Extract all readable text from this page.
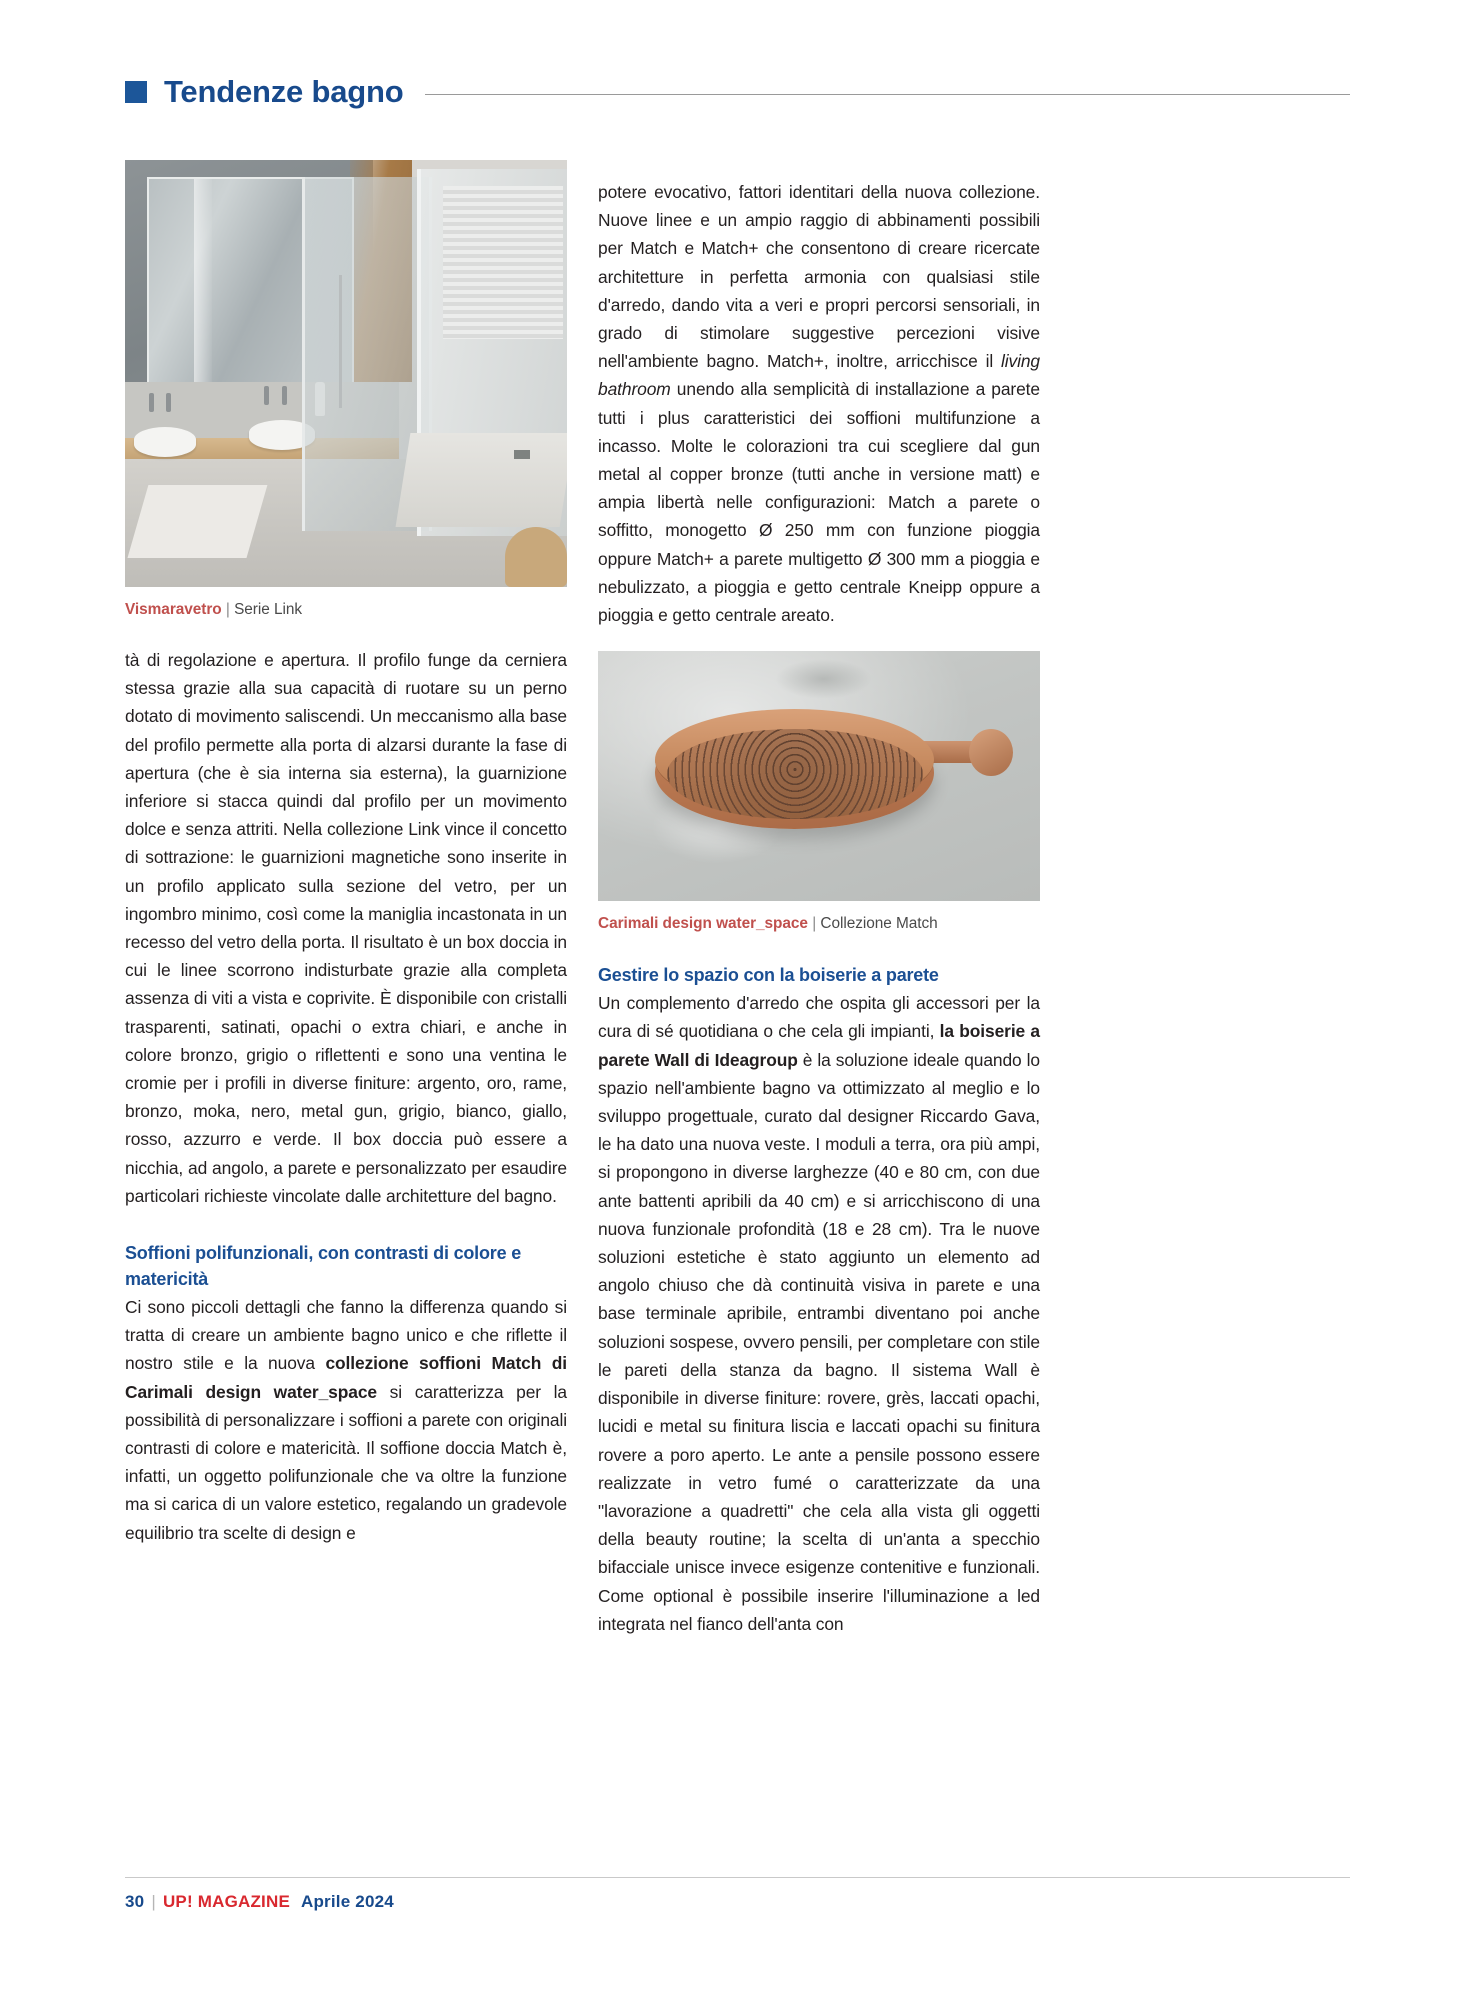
Tendenze bagno
Vismaravetro | Serie Link

tà di regolazione e apertura. Il profilo funge da cerniera stessa grazie alla sua capacità di ruotare su un perno dotato di movimento saliscendi. Un meccanismo alla base del profilo permette alla porta di alzarsi durante la fase di apertura (che è sia interna sia esterna), la guarnizione inferiore si stacca quindi dal profilo per un movimento dolce e senza attriti. Nella collezione Link vince il concetto di sottrazione: le guarnizioni magnetiche sono inserite in un profilo applicato sulla sezione del vetro, per un ingombro minimo, così come la maniglia incastonata in un recesso del vetro della porta. Il risultato è un box doccia in cui le linee scorrono indisturbate grazie alla completa assenza di viti a vista e coprivite. È disponibile con cristalli trasparenti, satinati, opachi o extra chiari, e anche in colore bronzo, grigio o riflettenti e sono una ventina le cromie per i profili in diverse finiture: argento, oro, rame, bronzo, moka, nero, metal gun, grigio, bianco, giallo, rosso, azzurro e verde. Il box doccia può essere a nicchia, ad angolo, a parete e personalizzato per esaudire particolari richieste vincolate dalle architetture del bagno.

Soffioni polifunzionali, con contrasti di colore e matericità

Ci sono piccoli dettagli che fanno la differenza quando si tratta di creare un ambiente bagno unico e che riflette il nostro stile e la nuova collezione soffioni Match di Carimali design water_space si caratterizza per la possibilità di personalizzare i soffioni a parete con originali contrasti di colore e matericità. Il soffione doccia Match è, infatti, un oggetto polifunzionale che va oltre la funzione ma si carica di un valore estetico, regalando un gradevole equilibrio tra scelte di design e

potere evocativo, fattori identitari della nuova collezione. Nuove linee e un ampio raggio di abbinamenti possibili per Match e Match+ che consentono di creare ricercate architetture in perfetta armonia con qualsiasi stile d'arredo, dando vita a veri e propri percorsi sensoriali, in grado di stimolare suggestive percezioni visive nell'ambiente bagno. Match+, inoltre, arricchisce il living bathroom unendo alla semplicità di installazione a parete tutti i plus caratteristici dei soffioni multifunzione a incasso. Molte le colorazioni tra cui scegliere dal gun metal al copper bronze (tutti anche in versione matt) e ampia libertà nelle configurazioni: Match a parete o soffitto, monogetto Ø 250 mm con funzione pioggia oppure Match+ a parete multigetto Ø 300 mm a pioggia e nebulizzato, a pioggia e getto centrale Kneipp oppure a pioggia e getto centrale areato.

Carimali design water_space | Collezione Match
Gestire lo spazio con la boiserie a parete

Un complemento d'arredo che ospita gli accessori per la cura di sé quotidiana o che cela gli impianti, la boiserie a parete Wall di Ideagroup è la soluzione ideale quando lo spazio nell'ambiente bagno va ottimizzato al meglio e lo sviluppo progettuale, curato dal designer Riccardo Gava, le ha dato una nuova veste. I moduli a terra, ora più ampi, si propongono in diverse larghezze (40 e 80 cm, con due ante battenti apribili da 40 cm) e si arricchiscono di una nuova funzionale profondità (18 e 28 cm). Tra le nuove soluzioni estetiche è stato aggiunto un elemento ad angolo chiuso che dà continuità visiva in parete e una base terminale apribile, entrambi diventano poi anche soluzioni sospese, ovvero pensili, per completare con stile le pareti della stanza da bagno. Il sistema Wall è disponibile in diverse finiture: rovere, grès, laccati opachi, lucidi e metal su finitura liscia e laccati opachi su finitura rovere a poro aperto. Le ante a pensile possono essere realizzate in vetro fumé o caratterizzate da una "lavorazione a quadretti" che cela alla vista gli oggetti della beauty routine; la scelta di un'anta a specchio bifacciale unisce invece esigenze contenitive e funzionali. Come optional è possibile inserire l'illuminazione a led integrata nel fianco dell'anta con

30 | UP! MAGAZINE Aprile 2024
